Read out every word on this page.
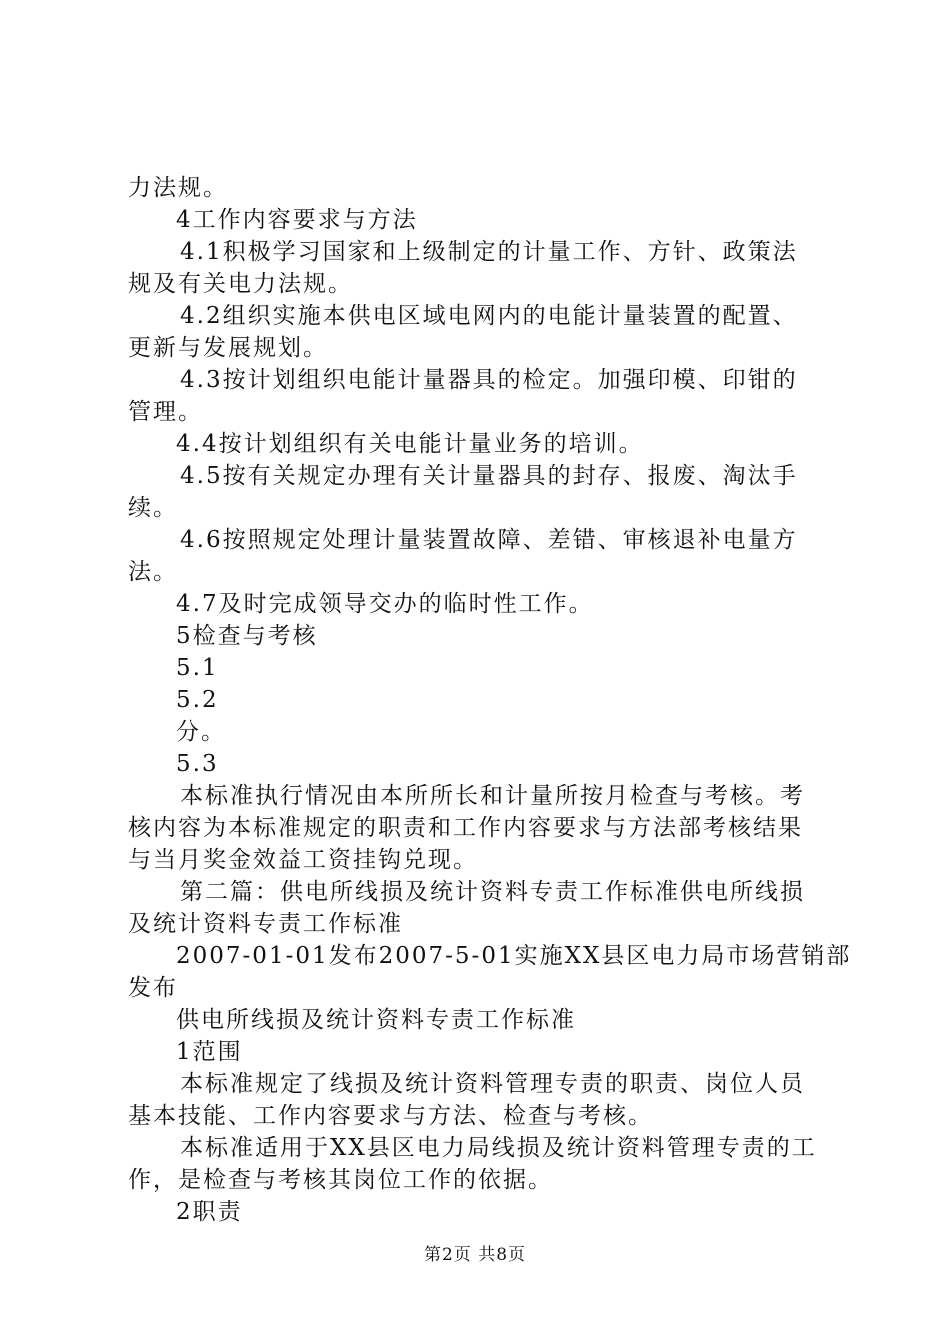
力法规。
4工作内容要求与方法
4.1积极学习国家和上级制定的计量工作、方针、政策法
规及有关电力法规。
4.2组织实施本供电区域电网内的电能计量装置的配置、
更新与发展规划。
4.3按计划组织电能计量器具的检定。加强印模、印钳的
管理。
4.4按计划组织有关电能计量业务的培训。
4.5按有关规定办理有关计量器具的封存、报废、淘汰手
续。
4.6按照规定处理计量装置故障、差错、审核退补电量方
法。
4.7及时完成领导交办的临时性工作。
5检查与考核
5.1
5.2
分。
5.3
本标准执行情况由本所所长和计量所按月检查与考核。考
核内容为本标准规定的职责和工作内容要求与方法部考核结果
与当月奖金效益工资挂钩兑现。
第二篇：供电所线损及统计资料专责工作标准供电所线损
及统计资料专责工作标准
2007-01-01发布2007-5-01实施XX县区电力局市场营销部
发布
供电所线损及统计资料专责工作标准
1范围
本标准规定了线损及统计资料管理专责的职责、岗位人员
基本技能、工作内容要求与方法、检查与考核。
本标准适用于XX县区电力局线损及统计资料管理专责的工
作，是检查与考核其岗位工作的依据。
2职责
第2页 共8页
